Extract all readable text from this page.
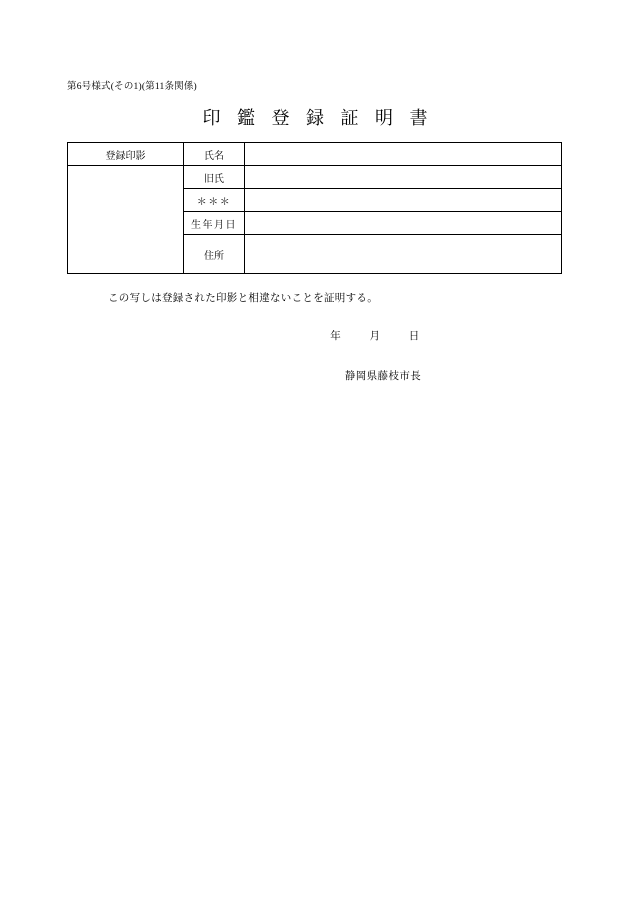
第6号様式(その1)(第11条関係)
印 鑑 登 録 証 明 書
登録印影	氏名	
	旧氏	
	＊＊＊	
	生年月日	
	住所	
この写しは登録された印影と相違ないことを証明する。
年	月	日
静岡県藤枝市長
